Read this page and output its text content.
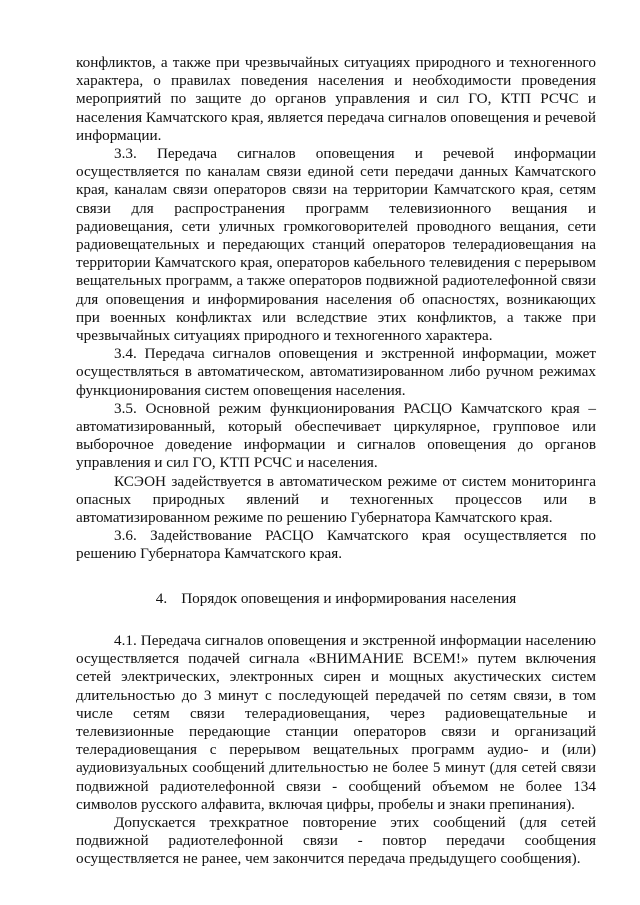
конфликтов, а также при чрезвычайных ситуациях природного и техногенного характера, о правилах поведения населения и необходимости проведения мероприятий по защите до органов управления и сил ГО, КТП РСЧС и населения Камчатского края, является передача сигналов оповещения и речевой информации.

3.3. Передача сигналов оповещения и речевой информации осуществляется по каналам связи единой сети передачи данных Камчатского края, каналам связи операторов связи на территории Камчатского края, сетям связи для распространения программ телевизионного вещания и радиовещания, сети уличных громкоговорителей проводного вещания, сети радиовещательных и передающих станций операторов телерадиовещания на территории Камчатского края, операторов кабельного телевидения с перерывом вещательных программ, а также операторов подвижной радиотелефонной связи для оповещения и информирования населения об опасностях, возникающих при военных конфликтах или вследствие этих конфликтов, а также при чрезвычайных ситуациях природного и техногенного характера.

3.4. Передача сигналов оповещения и экстренной информации, может осуществляться в автоматическом, автоматизированном либо ручном режимах функционирования систем оповещения населения.

3.5. Основной режим функционирования РАСЦО Камчатского края – автоматизированный, который обеспечивает циркулярное, групповое или выборочное доведение информации и сигналов оповещения до органов управления и сил ГО, КТП РСЧС и населения.

КСЭОН задействуется в автоматическом режиме от систем мониторинга опасных природных явлений и техногенных процессов или в автоматизированном режиме по решению Губернатора Камчатского края.

3.6. Задействование РАСЦО Камчатского края осуществляется по решению Губернатора Камчатского края.

4. Порядок оповещения и информирования населения

4.1. Передача сигналов оповещения и экстренной информации населению осуществляется подачей сигнала «ВНИМАНИЕ ВСЕМ!» путем включения сетей электрических, электронных сирен и мощных акустических систем длительностью до 3 минут с последующей передачей по сетям связи, в том числе сетям связи телерадиовещания, через радиовещательные и телевизионные передающие станции операторов связи и организаций телерадиовещания с перерывом вещательных программ аудио- и (или) аудиовизуальных сообщений длительностью не более 5 минут (для сетей связи подвижной радиотелефонной связи - сообщений объемом не более 134 символов русского алфавита, включая цифры, пробелы и знаки препинания).

Допускается трехкратное повторение этих сообщений (для сетей подвижной радиотелефонной связи - повтор передачи сообщения осуществляется не ранее, чем закончится передача предыдущего сообщения).
